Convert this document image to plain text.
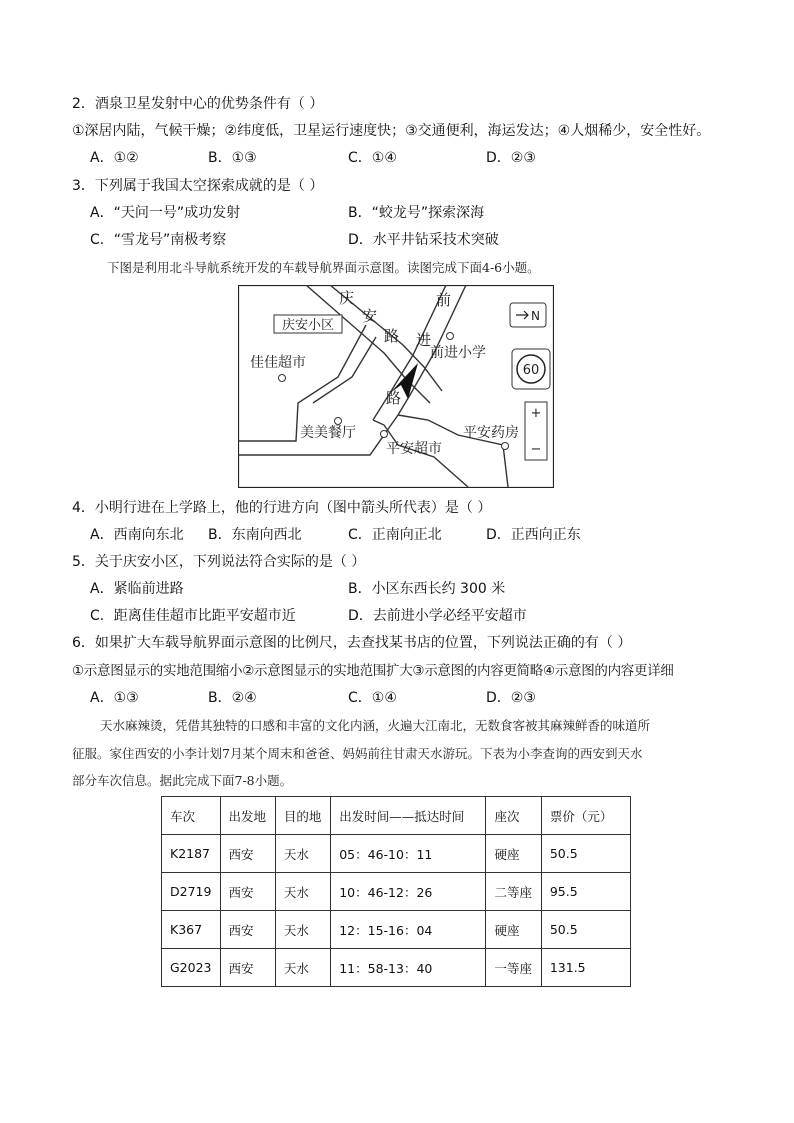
2．酒泉卫星发射中心的优势条件有（ ）
①深居内陆，气候干燥；②纬度低，卫星运行速度快；③交通便利，海运发达；④人烟稀少，安全性好。
A．①②	B．①③	C．①④	D．②③
3．下列属于我国太空探索成就的是（ ）
A．“天问一号”成功发射	B．“蛟龙号”探索深海
C．“雪龙号”南极考察	D．水平井钻采技术突破
下图是利用北斗导航系统开发的车载导航界面示意图。读图完成下面4-6小题。
庆安小区
佳佳超市
美美餐厅
平安超市
平安药房
前进小学
庆
安
路
前
进
路
N
60
+
−
4．小明行进在上学路上，他的行进方向（图中箭头所代表）是（ ）
A．西南向东北 B．东南向西北	C．正南向正北	D．正西向正东
5．关于庆安小区，下列说法符合实际的是（ ）
A．紧临前进路	B．小区东西长约 300 米
C．距离佳佳超市比距平安超市近	D．去前进小学必经平安超市
6．如果扩大车载导航界面示意图的比例尺，去查找某书店的位置，下列说法正确的有（ ）
①示意图显示的实地范围缩小②示意图显示的实地范围扩大③示意图的内容更简略④示意图的内容更详细
A．①③	B．②④	C．①④	D．②③
天水麻辣烫，凭借其独特的口感和丰富的文化内涵，火遍大江南北，无数食客被其麻辣鲜香的味道所
征服。家住西安的小李计划7月某个周末和爸爸、妈妈前往甘肃天水游玩。下表为小李查询的西安到天水
部分车次信息。据此完成下面7-8小题。
车次	出发地	目的地	出发时间——抵达时间	座次	票价（元）
K2187	西安	天水	05：46-10：11	硬座	50.5
D2719	西安	天水	10：46-12：26	二等座	95.5
K367	西安	天水	12：15-16：04	硬座	50.5
G2023	西安	天水	11：58-13：40	一等座	131.5
